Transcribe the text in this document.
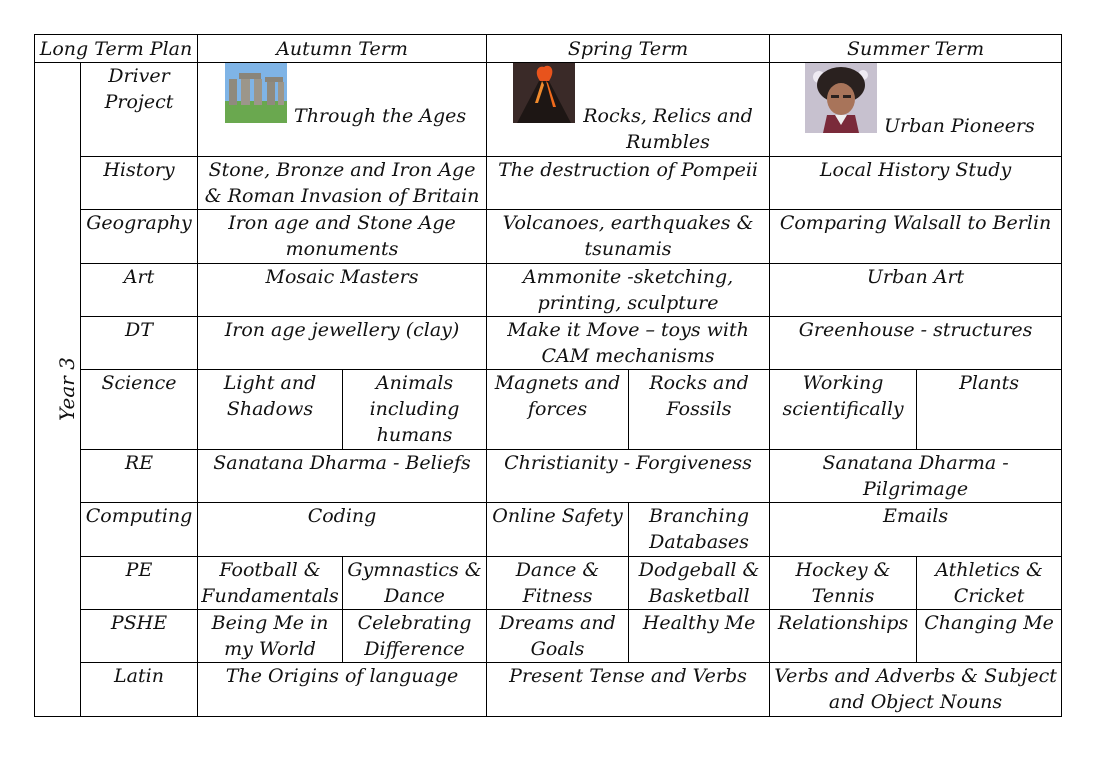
Long Term Plan		Autumn Term		Spring Term		Summer Term	
Year 3	Driver Project	Through the Ages		Rocks, Relics and Rumbles		Urban Pioneers	

	History	Stone, Bronze and Iron Age & Roman Invasion of Britain		The destruction of Pompeii		Local History Study	
	Geography	Iron age and Stone Age monuments		Volcanoes, earthquakes & tsunamis		Comparing Walsall to Berlin	
	Art	Mosaic Masters		Ammonite -sketching, printing, sculpture		Urban Art	
	DT	Iron age jewellery (clay)		Make it Move – toys with CAM mechanisms		Greenhouse - structures	
	Science	Light and Shadows	Animals including humans	Magnets and forces	Rocks and Fossils	Working scientifically	Plants
	RE	Sanatana Dharma - Beliefs		Christianity - Forgiveness		Sanatana Dharma - Pilgrimage	
	Computing	Coding		Online Safety	Branching Databases	Emails	
	PE	Football & Fundamentals	Gymnastics & Dance	Dance & Fitness	Dodgeball & Basketball	Hockey & Tennis	Athletics & Cricket
	PSHE	Being Me in my World	Celebrating Difference	Dreams and Goals	Healthy Me	Relationships	Changing Me
	Latin	The Origins of language		Present Tense and Verbs		Verbs and Adverbs & Subject and Object Nouns	
